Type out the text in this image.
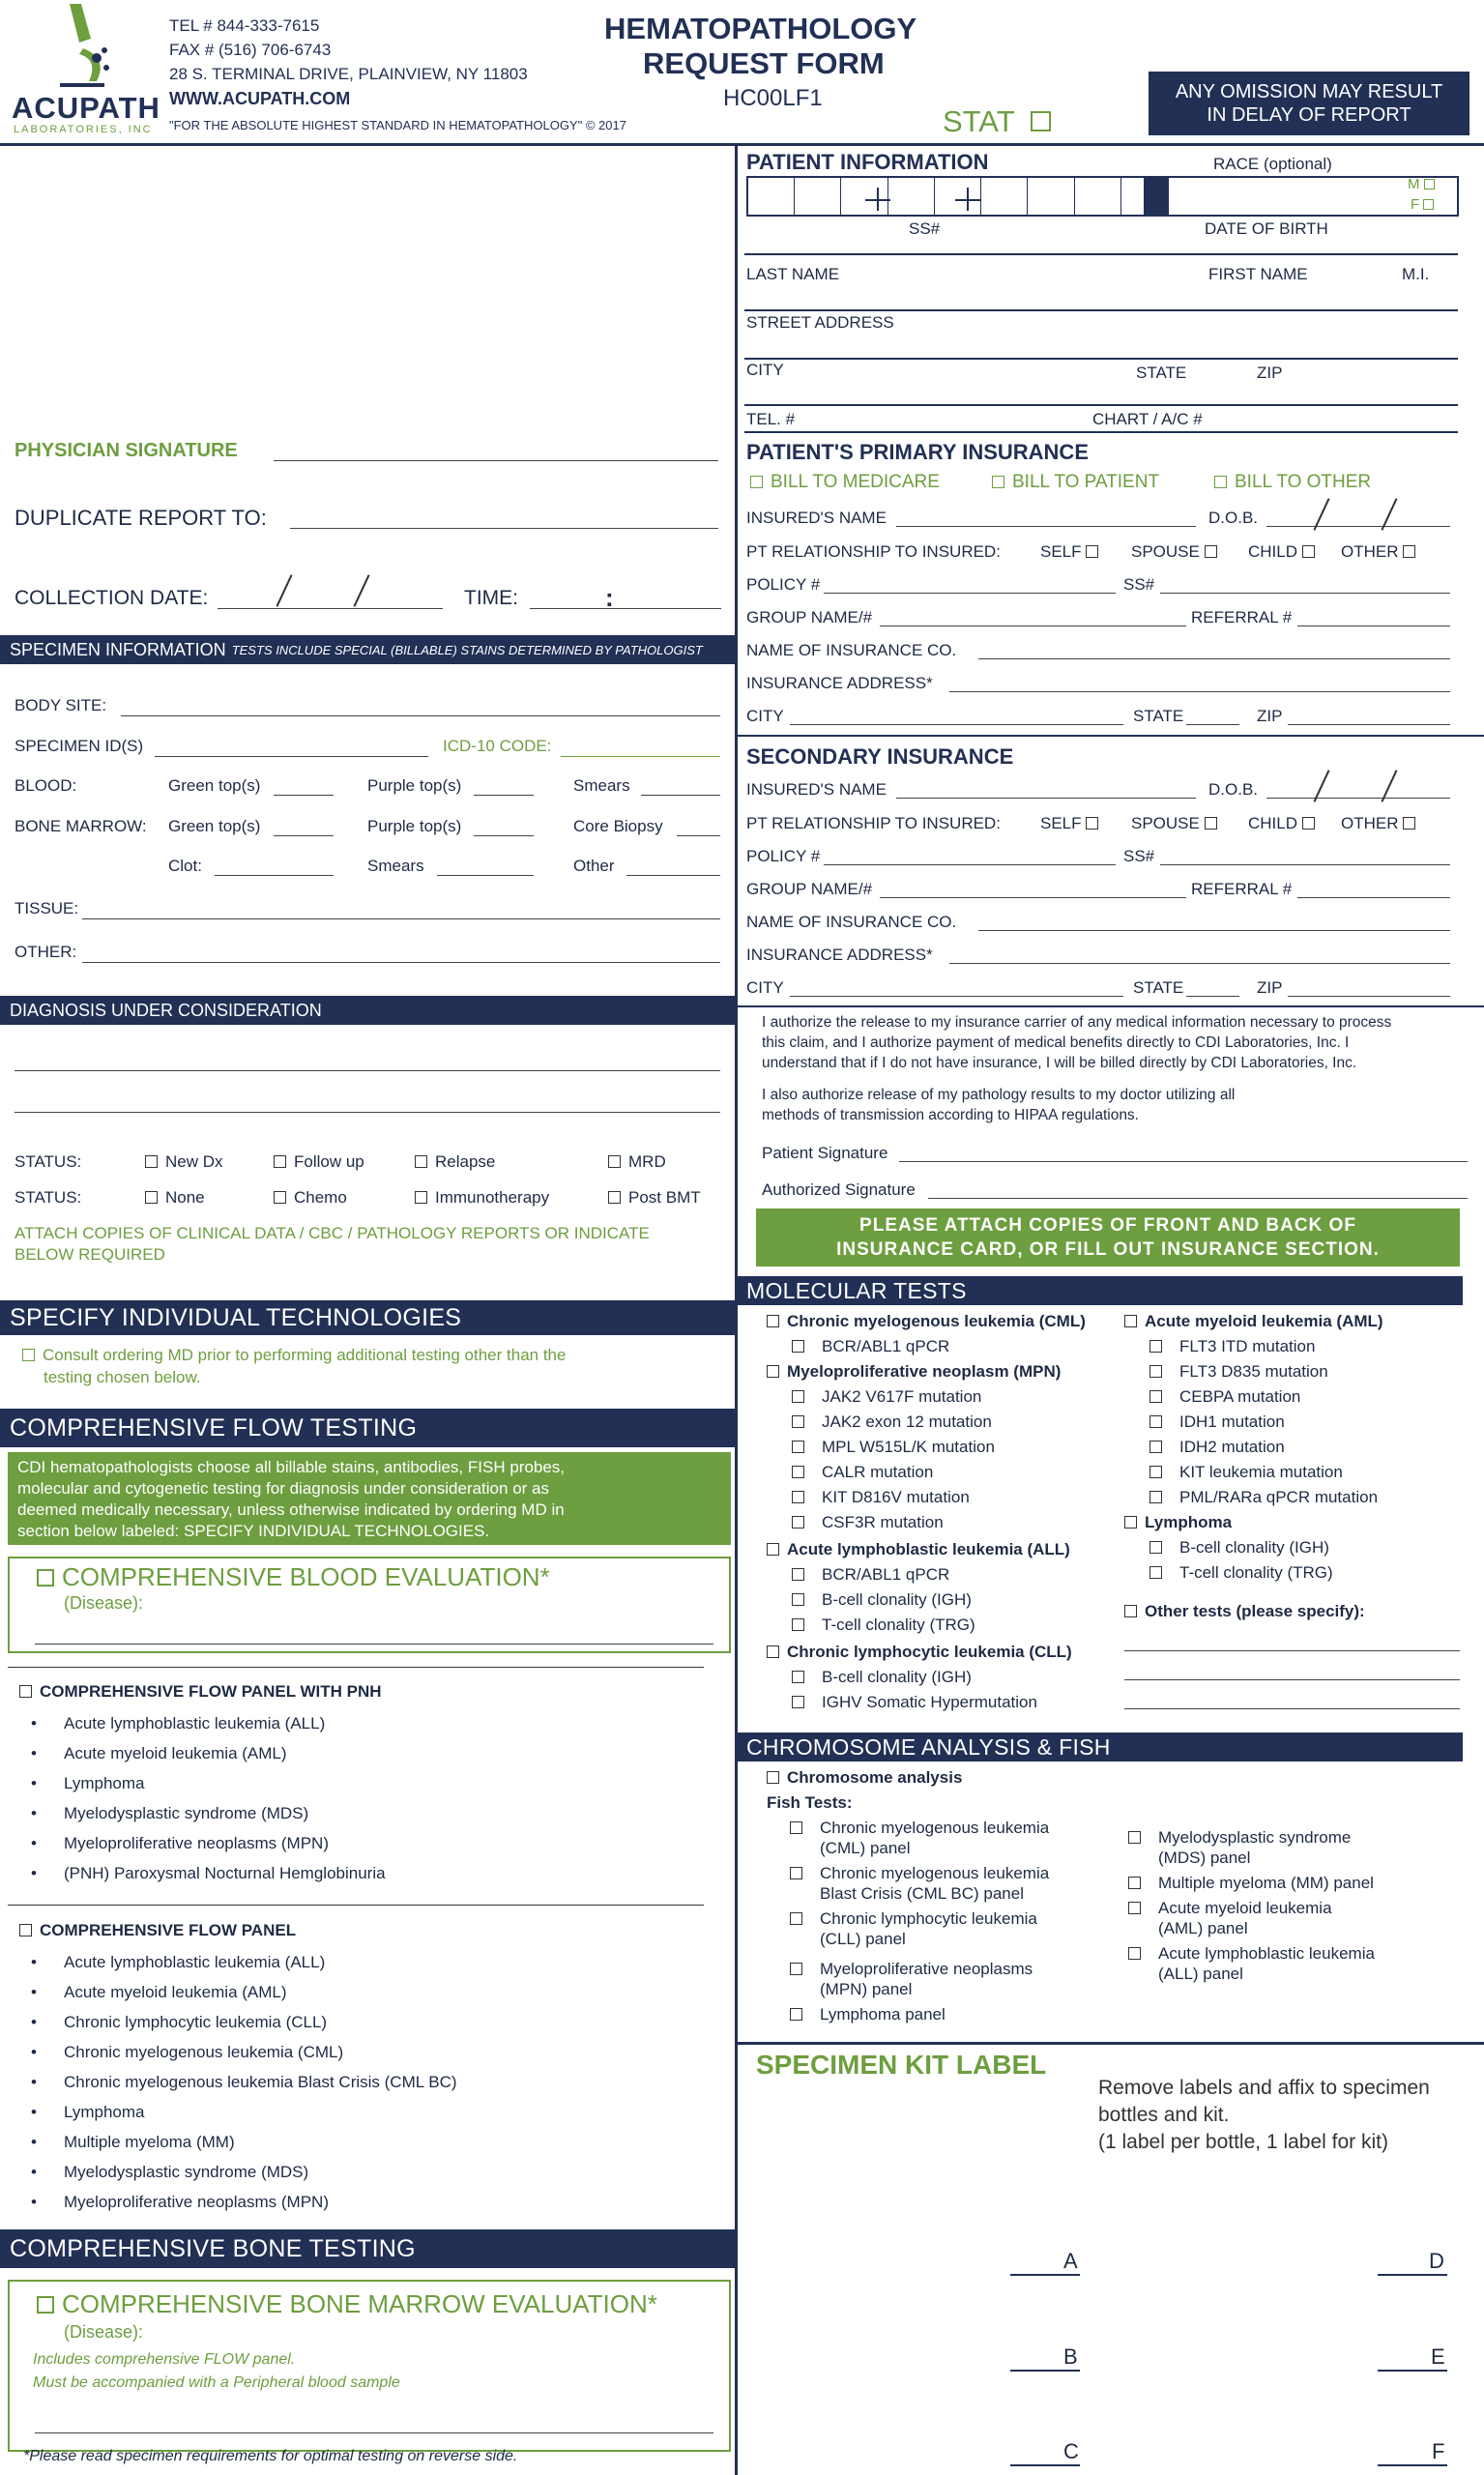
ACUPATH
LABORATORIES, INC
TEL # 844-333-7615
FAX # (516) 706-6743
28 S. TERMINAL DRIVE, PLAINVIEW, NY 11803
WWW.ACUPATH.COM
"FOR THE ABSOLUTE HIGHEST STANDARD IN HEMATOPATHOLOGY" © 2017
HEMATOPATHOLOGY
REQUEST FORM
HC00LF1
STAT
ANY OMISSION MAY RESULT
IN DELAY OF REPORT
PHYSICIAN SIGNATURE
DUPLICATE REPORT TO:
COLLECTION DATE:	TIME:	:
SPECIMEN INFORMATION TESTS INCLUDE SPECIAL (BILLABLE) STAINS DETERMINED BY PATHOLOGIST
BODY SITE:
SPECIMEN ID(S)	ICD-10 CODE:
BLOOD:	Green top(s)	Purple top(s)	Smears
BONE MARROW: Green top(s)	Purple top(s)	Core Biopsy
Clot:	Smears	Other
TISSUE:
OTHER:
DIAGNOSIS UNDER CONSIDERATION
STATUS:	New Dx	Follow up	Relapse	MRD
STATUS:	None	Chemo	Immunotherapy	Post BMT
ATTACH COPIES OF CLINICAL DATA / CBC / PATHOLOGY REPORTS OR INDICATE
BELOW REQUIRED
SPECIFY INDIVIDUAL TECHNOLOGIES
Consult ordering MD prior to performing additional testing other than the
testing chosen below.
COMPREHENSIVE FLOW TESTING
CDI hematopathologists choose all billable stains, antibodies, FISH probes,
molecular and cytogenetic testing for diagnosis under consideration or as
deemed medically necessary, unless otherwise indicated by ordering MD in
section below labeled: SPECIFY INDIVIDUAL TECHNOLOGIES.
COMPREHENSIVE BLOOD EVALUATION*
(Disease):
COMPREHENSIVE FLOW PANEL WITH PNH
• Acute lymphoblastic leukemia (ALL)
• Acute myeloid leukemia (AML)
• Lymphoma
• Myelodysplastic syndrome (MDS)
• Myeloproliferative neoplasms (MPN)
• (PNH) Paroxysmal Nocturnal Hemglobinuria
COMPREHENSIVE FLOW PANEL
• Acute lymphoblastic leukemia (ALL)
• Acute myeloid leukemia (AML)
• Chronic lymphocytic leukemia (CLL)
• Chronic myelogenous leukemia (CML)
• Chronic myelogenous leukemia Blast Crisis (CML BC)
• Lymphoma
• Multiple myeloma (MM)
• Myelodysplastic syndrome (MDS)
• Myeloproliferative neoplasms (MPN)
COMPREHENSIVE BONE TESTING
COMPREHENSIVE BONE MARROW EVALUATION*
(Disease):
Includes comprehensive FLOW panel.
Must be accompanied with a Peripheral blood sample
*Please read specimen requirements for optimal testing on reverse side.
PATIENT INFORMATION	RACE (optional)
M
F
SS#	DATE OF BIRTH
LAST NAME	FIRST NAME	M.I.
STREET ADDRESS
CITY	STATE	ZIP
TEL. #	CHART / A/C #
PATIENT'S PRIMARY INSURANCE
BILL TO MEDICARE	BILL TO PATIENT	BILL TO OTHER
INSURED'S NAME	D.O.B.
PT RELATIONSHIP TO INSURED: SELF	SPOUSE	CHILD	OTHER
POLICY #	SS#
GROUP NAME/#	REFERRAL #
NAME OF INSURANCE CO.
INSURANCE ADDRESS*
CITY	STATE	ZIP
SECONDARY INSURANCE
INSURED'S NAME	D.O.B.
PT RELATIONSHIP TO INSURED: SELF	SPOUSE	CHILD	OTHER
POLICY #	SS#
GROUP NAME/#	REFERRAL #
NAME OF INSURANCE CO.
INSURANCE ADDRESS*
CITY	STATE	ZIP
I authorize the release to my insurance carrier of any medical information necessary to process
this claim, and I authorize payment of medical benefits directly to CDI Laboratories, Inc. I
understand that if I do not have insurance, I will be billed directly by CDI Laboratories, Inc.
I also authorize release of my pathology results to my doctor utilizing all
methods of transmission according to HIPAA regulations.
Patient Signature
Authorized Signature
PLEASE ATTACH COPIES OF FRONT AND BACK OF
INSURANCE CARD, OR FILL OUT INSURANCE SECTION.
MOLECULAR TESTS
Chronic myelogenous leukemia (CML)
BCR/ABL1 qPCR
Myeloproliferative neoplasm (MPN)
JAK2 V617F mutation
JAK2 exon 12 mutation
MPL W515L/K mutation
CALR mutation
KIT D816V mutation
CSF3R mutation
Acute lymphoblastic leukemia (ALL)
BCR/ABL1 qPCR
B-cell clonality (IGH)
T-cell clonality (TRG)
Chronic lymphocytic leukemia (CLL)
B-cell clonality (IGH)
IGHV Somatic Hypermutation
Acute myeloid leukemia (AML)
FLT3 ITD mutation
FLT3 D835 mutation
CEBPA mutation
IDH1 mutation
IDH2 mutation
KIT leukemia mutation
PML/RARa qPCR mutation
Lymphoma
B-cell clonality (IGH)
T-cell clonality (TRG)
Other tests (please specify):
CHROMOSOME ANALYSIS & FISH
Chromosome analysis
Fish Tests:
Chronic myelogenous leukemia
(CML) panel
Chronic myelogenous leukemia
Blast Crisis (CML BC) panel
Chronic lymphocytic leukemia
(CLL) panel
Myeloproliferative neoplasms
(MPN) panel
Lymphoma panel
Myelodysplastic syndrome
(MDS) panel
Multiple myeloma (MM) panel
Acute myeloid leukemia
(AML) panel
Acute lymphoblastic leukemia
(ALL) panel
SPECIMEN KIT LABEL
Remove labels and affix to specimen
bottles and kit.
(1 label per bottle, 1 label for kit)
A
B
C
D
E
F
